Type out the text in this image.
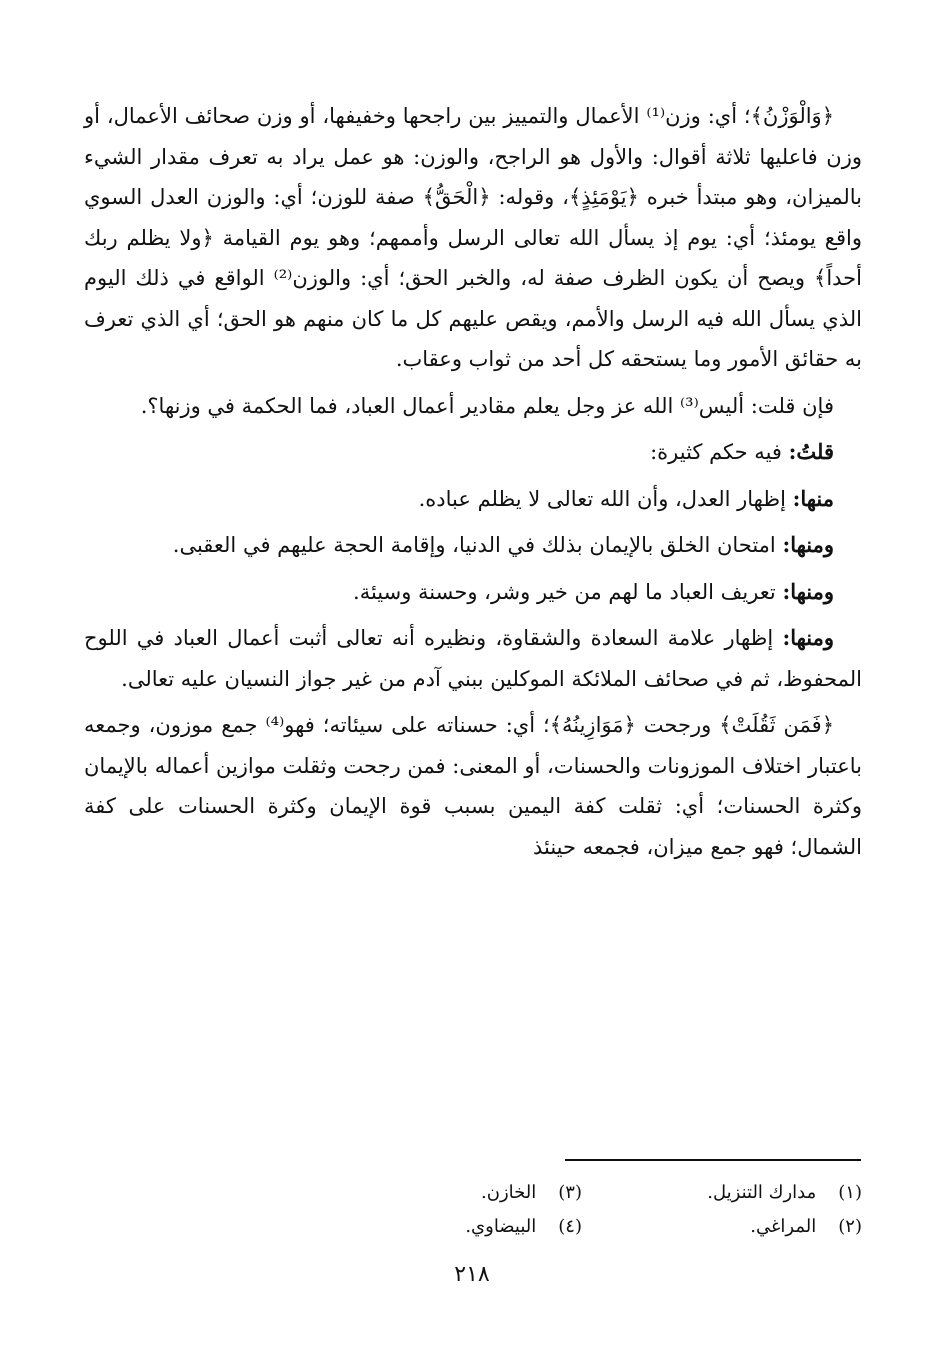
﴿وَالْوَزْنُ﴾؛ أي: وزن⁽¹⁾ الأعمال والتمييز بين راجحها وخفيفها، أو وزن صحائف الأعمال، أو وزن فاعليها ثلاثة أقوال: والأول هو الراجح، والوزن: هو عمل يراد به تعرف مقدار الشيء بالميزان، وهو مبتدأ خبره ﴿يَوْمَئِذٍ﴾، وقوله: ﴿الْحَقُّ﴾ صفة للوزن؛ أي: والوزن العدل السوي واقع يومئذ؛ أي: يوم إذ يسأل الله تعالى الرسل وأممهم؛ وهو يوم القيامة ﴿ولا يظلم ربك أحداً﴾ ويصح أن يكون الظرف صفة له، والخبر الحق؛ أي: والوزن⁽²⁾ الواقع في ذلك اليوم الذي يسأل الله فيه الرسل والأمم، ويقص عليهم كل ما كان منهم هو الحق؛ أي الذي تعرف به حقائق الأمور وما يستحقه كل أحد من ثواب وعقاب.

فإن قلت: أليس⁽³⁾ الله عز وجل يعلم مقادير أعمال العباد، فما الحكمة في وزنها؟.

قلتُ: فيه حكم كثيرة:

منها: إظهار العدل، وأن الله تعالى لا يظلم عباده.

ومنها: امتحان الخلق بالإيمان بذلك في الدنيا، وإقامة الحجة عليهم في العقبى.

ومنها: تعريف العباد ما لهم من خير وشر، وحسنة وسيئة.

ومنها: إظهار علامة السعادة والشقاوة، ونظيره أنه تعالى أثبت أعمال العباد في اللوح المحفوظ، ثم في صحائف الملائكة الموكلين ببني آدم من غير جواز النسيان عليه تعالى.

﴿فَمَن ثَقُلَتْ﴾ ورجحت ﴿مَوَازِينُهُ﴾؛ أي: حسناته على سيئاته؛ فهو⁽⁴⁾ جمع موزون، وجمعه باعتبار اختلاف الموزونات والحسنات، أو المعنى: فمن رجحت وثقلت موازين أعماله بالإيمان وكثرة الحسنات؛ أي: ثقلت كفة اليمين بسبب قوة الإيمان وكثرة الحسنات على كفة الشمال؛ فهو جمع ميزان، فجمعه حينئذ

(١)
مدارك التنزيل.
(٣)
الخازن.
(٢)
المراغي.
(٤)
البيضاوي.
٢١٨
